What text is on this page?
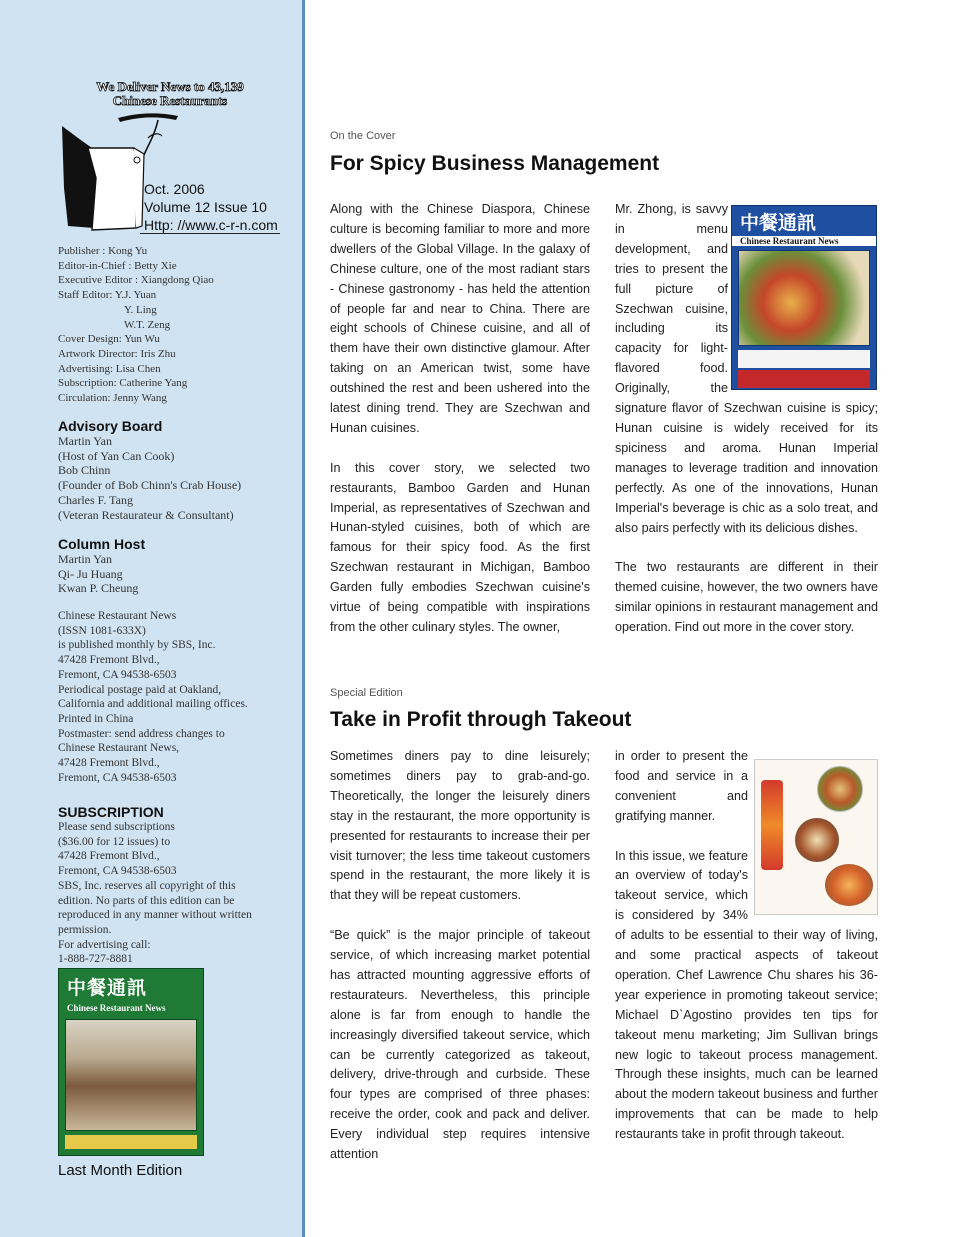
We Deliver News to 43,139
Chinese Restaurants
Oct. 2006
Volume 12 Issue 10
Http: //www.c-r-n.com
Publisher : Kong Yu
Editor-in-Chief : Betty Xie
Executive Editor : Xiangdong Qiao
Staff Editor: Y.J. Yuan
Y. Ling
W.T. Zeng
Cover Design: Yun Wu
Artwork Director: Iris Zhu
Advertising: Lisa Chen
Subscription: Catherine Yang
Circulation: Jenny Wang
Advisory Board
Martin Yan
(Host of Yan Can Cook)
Bob Chinn
(Founder of Bob Chinn's Crab House)
Charles F. Tang
(Veteran Restaurateur & Consultant)
Column Host
Martin Yan
Qi- Ju Huang
Kwan P. Cheung
Chinese Restaurant News
(ISSN 1081-633X)
is published monthly by SBS, Inc.
47428 Fremont Blvd.,
Fremont, CA 94538-6503
Periodical postage paid at Oakland,
California and additional mailing offices.
Printed in China
Postmaster: send address changes to
Chinese Restaurant News,
47428 Fremont Blvd.,
Fremont, CA 94538-6503
SUBSCRIPTION
Please send subscriptions
($36.00 for 12 issues) to
47428 Fremont Blvd.,
Fremont, CA 94538-6503
SBS, Inc. reserves all copyright of this
edition. No parts of this edition can be
reproduced in any manner without written
permission.
For advertising call:
1-888-727-8881
中餐通訊
Chinese Restaurant News
Last Month Edition
On the Cover
For Spicy Business Management

Along with the Chinese Diaspora, Chinese culture is becoming familiar to more and more dwellers of the Global Village. In the galaxy of Chinese culture, one of the most radiant stars - Chinese gastronomy - has held the attention of people far and near to China. There are eight schools of Chinese cuisine, and all of them have their own distinctive glamour. After taking on an American twist, some have outshined the rest and been ushered into the latest dining trend. They are Szechwan and Hunan cuisines.

In this cover story, we selected two restaurants, Bamboo Garden and Hunan Imperial, as representatives of Szechwan and Hunan-styled cuisines, both of which are famous for their spicy food. As the first Szechwan restaurant in Michigan, Bamboo Garden fully embodies Szechwan cuisine's virtue of being compatible with inspirations from the other culinary styles. The owner,

Mr. Zhong, is savvy in menu development, and tries to present the full picture of Szechwan cuisine, including its capacity for light-flavored food. Originally, the signature flavor of Szechwan cuisine is spicy; Hunan cuisine is widely received for its spiciness and aroma. Hunan Imperial manages to leverage tradition and innovation perfectly. As one of the innovations, Hunan Imperial's beverage is chic as a solo treat, and also pairs perfectly with its delicious dishes.

The two restaurants are different in their themed cuisine, however, the two owners have similar opinions in restaurant management and operation. Find out more in the cover story.

中餐通訊
Chinese Restaurant News
Special Edition
Take in Profit through Takeout

Sometimes diners pay to dine leisurely; sometimes diners pay to grab-and-go. Theoretically, the longer the leisurely diners stay in the restaurant, the more opportunity is presented for restaurants to increase their per visit turnover; the less time takeout customers spend in the restaurant, the more likely it is that they will be repeat customers.

“Be quick” is the major principle of takeout service, of which increasing market potential has attracted mounting aggressive efforts of restaurateurs. Nevertheless, this principle alone is far from enough to handle the increasingly diversified takeout service, which can be currently categorized as takeout, delivery, drive-through and curbside. These four types are comprised of three phases: receive the order, cook and pack and deliver. Every individual step requires intensive attention

in order to present the food and service in a convenient and gratifying manner.

In this issue, we feature an overview of today's takeout service, which is considered by 34% of adults to be essential to their way of living, and some practical aspects of takeout operation. Chef Lawrence Chu shares his 36-year experience in promoting takeout service; Michael D`Agostino provides ten tips for takeout menu marketing; Jim Sullivan brings new logic to takeout process management. Through these insights, much can be learned about the modern takeout business and further improvements that can be made to help restaurants take in profit through takeout.
